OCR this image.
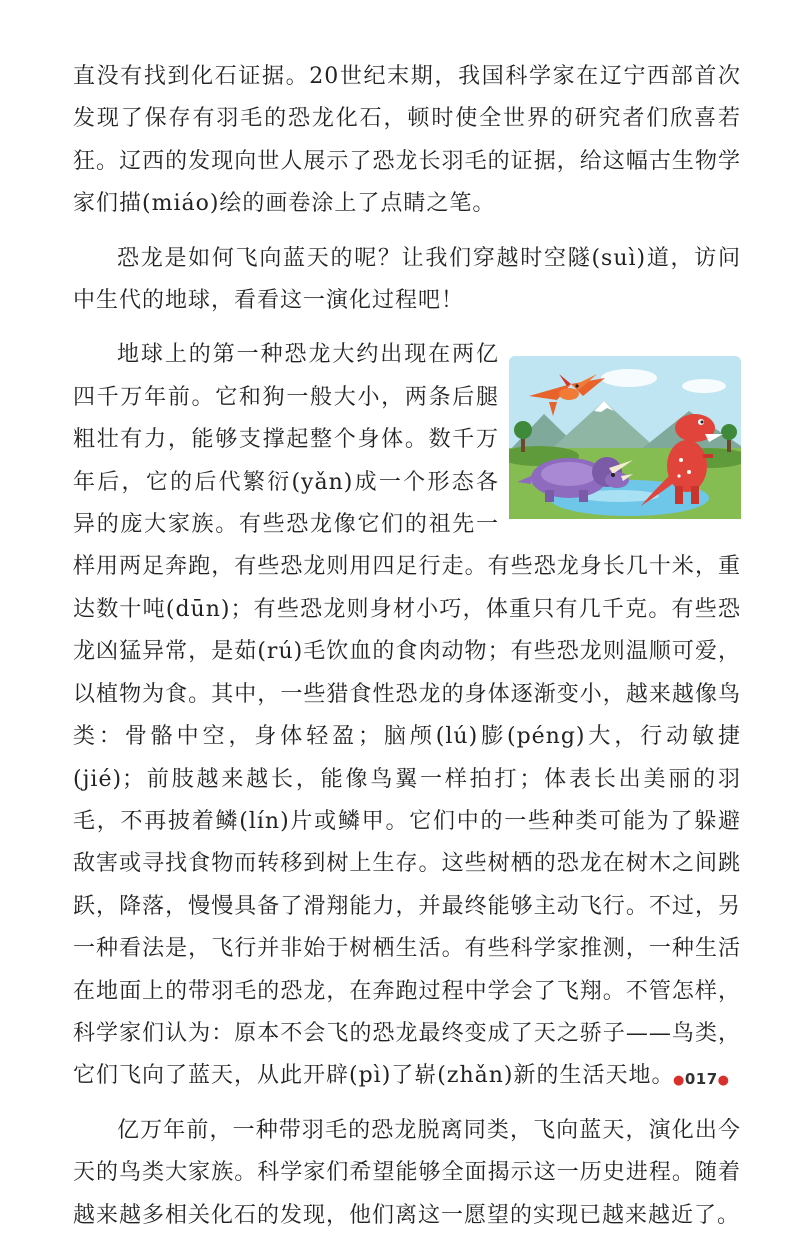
直没有找到化石证据。20世纪末期，我国科学家在辽宁西部首次发现了保存有羽毛的恐龙化石，顿时使全世界的研究者们欣喜若狂。辽西的发现向世人展示了恐龙长羽毛的证据，给这幅古生物学家们描(miáo)绘的画卷涂上了点睛之笔。

恐龙是如何飞向蓝天的呢？让我们穿越时空隧(suì)道，访问中生代的地球，看看这一演化过程吧！

地球上的第一种恐龙大约出现在两亿四千万年前。它和狗一般大小，两条后腿粗壮有力，能够支撑起整个身体。数千万年后，它的后代繁衍(yǎn)成一个形态各异的庞大家族。有些恐龙像它们的祖先一样用两足奔跑，有些恐龙则用四足行走。有些恐龙身长几十米，重达数十吨(dūn)；有些恐龙则身材小巧，体重只有几千克。有些恐龙凶猛异常，是茹(rú)毛饮血的食肉动物；有些恐龙则温顺可爱，以植物为食。其中，一些猎食性恐龙的身体逐渐变小，越来越像鸟类：骨骼中空，身体轻盈；脑颅(lú)膨(péng)大，行动敏捷(jié)；前肢越来越长，能像鸟翼一样拍打；体表长出美丽的羽毛，不再披着鳞(lín)片或鳞甲。它们中的一些种类可能为了躲避敌害或寻找食物而转移到树上生存。这些树栖的恐龙在树木之间跳跃，降落，慢慢具备了滑翔能力，并最终能够主动飞行。不过，另一种看法是，飞行并非始于树栖生活。有些科学家推测，一种生活在地面上的带羽毛的恐龙，在奔跑过程中学会了飞翔。不管怎样，科学家们认为：原本不会飞的恐龙最终变成了天之骄子——鸟类，它们飞向了蓝天，从此开辟(pì)了崭(zhǎn)新的生活天地。

亿万年前，一种带羽毛的恐龙脱离同类，飞向蓝天，演化出今天的鸟类大家族。科学家们希望能够全面揭示这一历史进程。随着越来越多相关化石的发现，他们离这一愿望的实现已越来越近了。

●017●
